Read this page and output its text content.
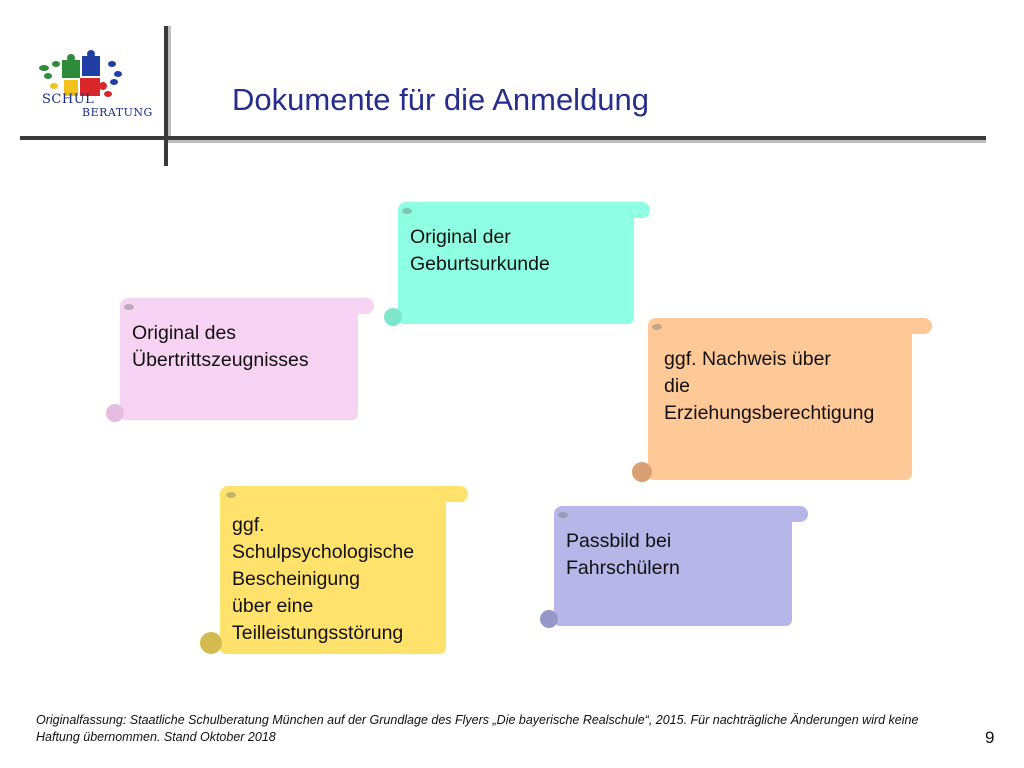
SCHUL
BERATUNG	Dokumente für die Anmeldung
Original der
Geburtsurkunde
Original des
Übertrittszeugnisses	ggf. Nachweis über
die
Erziehungsberechtigung
ggf.
Schulpsychologische
Bescheinigung
über eine
Teilleistungsstörung
Passbild bei
Fahrschülern
Originalfassung: Staatliche Schulberatung München auf der Grundlage des Flyers „Die bayerische Realschule“, 2015. Für nachträgliche Änderungen wird keine Haftung übernommen. Stand Oktober 2018	9
